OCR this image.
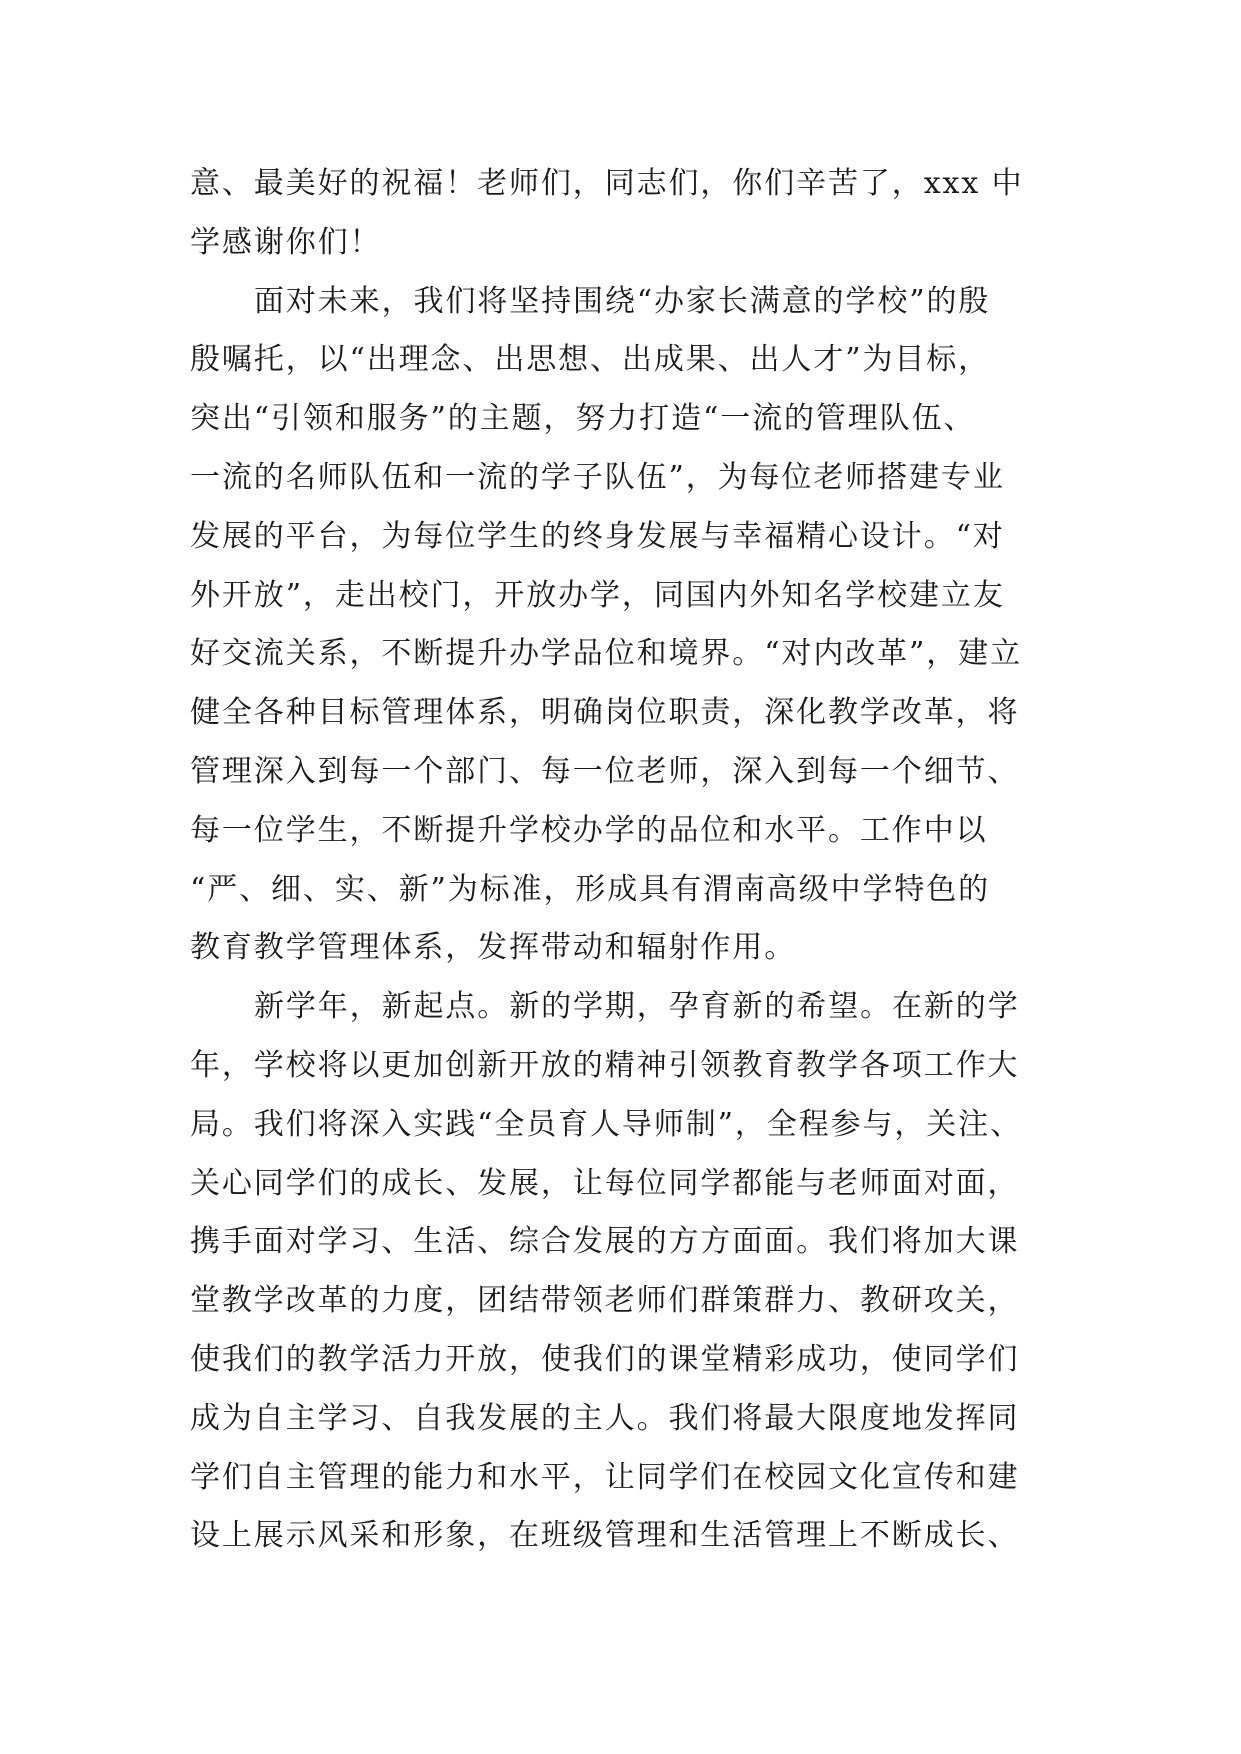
意、最美好的祝福！老师们，同志们，你们辛苦了，xxx 中
学感谢你们！
面对未来，我们将坚持围绕“办家长满意的学校”的殷
殷嘱托，以“出理念、出思想、出成果、出人才”为目标，
突出“引领和服务”的主题，努力打造“一流的管理队伍、
一流的名师队伍和一流的学子队伍”，为每位老师搭建专业
发展的平台，为每位学生的终身发展与幸福精心设计。“对
外开放”，走出校门，开放办学，同国内外知名学校建立友
好交流关系，不断提升办学品位和境界。“对内改革”，建立
健全各种目标管理体系，明确岗位职责，深化教学改革，将
管理深入到每一个部门、每一位老师，深入到每一个细节、
每一位学生，不断提升学校办学的品位和水平。工作中以
“严、细、实、新”为标准，形成具有渭南高级中学特色的
教育教学管理体系，发挥带动和辐射作用。
新学年，新起点。新的学期，孕育新的希望。在新的学
年，学校将以更加创新开放的精神引领教育教学各项工作大
局。我们将深入实践“全员育人导师制”，全程参与，关注、
关心同学们的成长、发展，让每位同学都能与老师面对面，
携手面对学习、生活、综合发展的方方面面。我们将加大课
堂教学改革的力度，团结带领老师们群策群力、教研攻关，
使我们的教学活力开放，使我们的课堂精彩成功，使同学们
成为自主学习、自我发展的主人。我们将最大限度地发挥同
学们自主管理的能力和水平，让同学们在校园文化宣传和建
设上展示风采和形象，在班级管理和生活管理上不断成长、
